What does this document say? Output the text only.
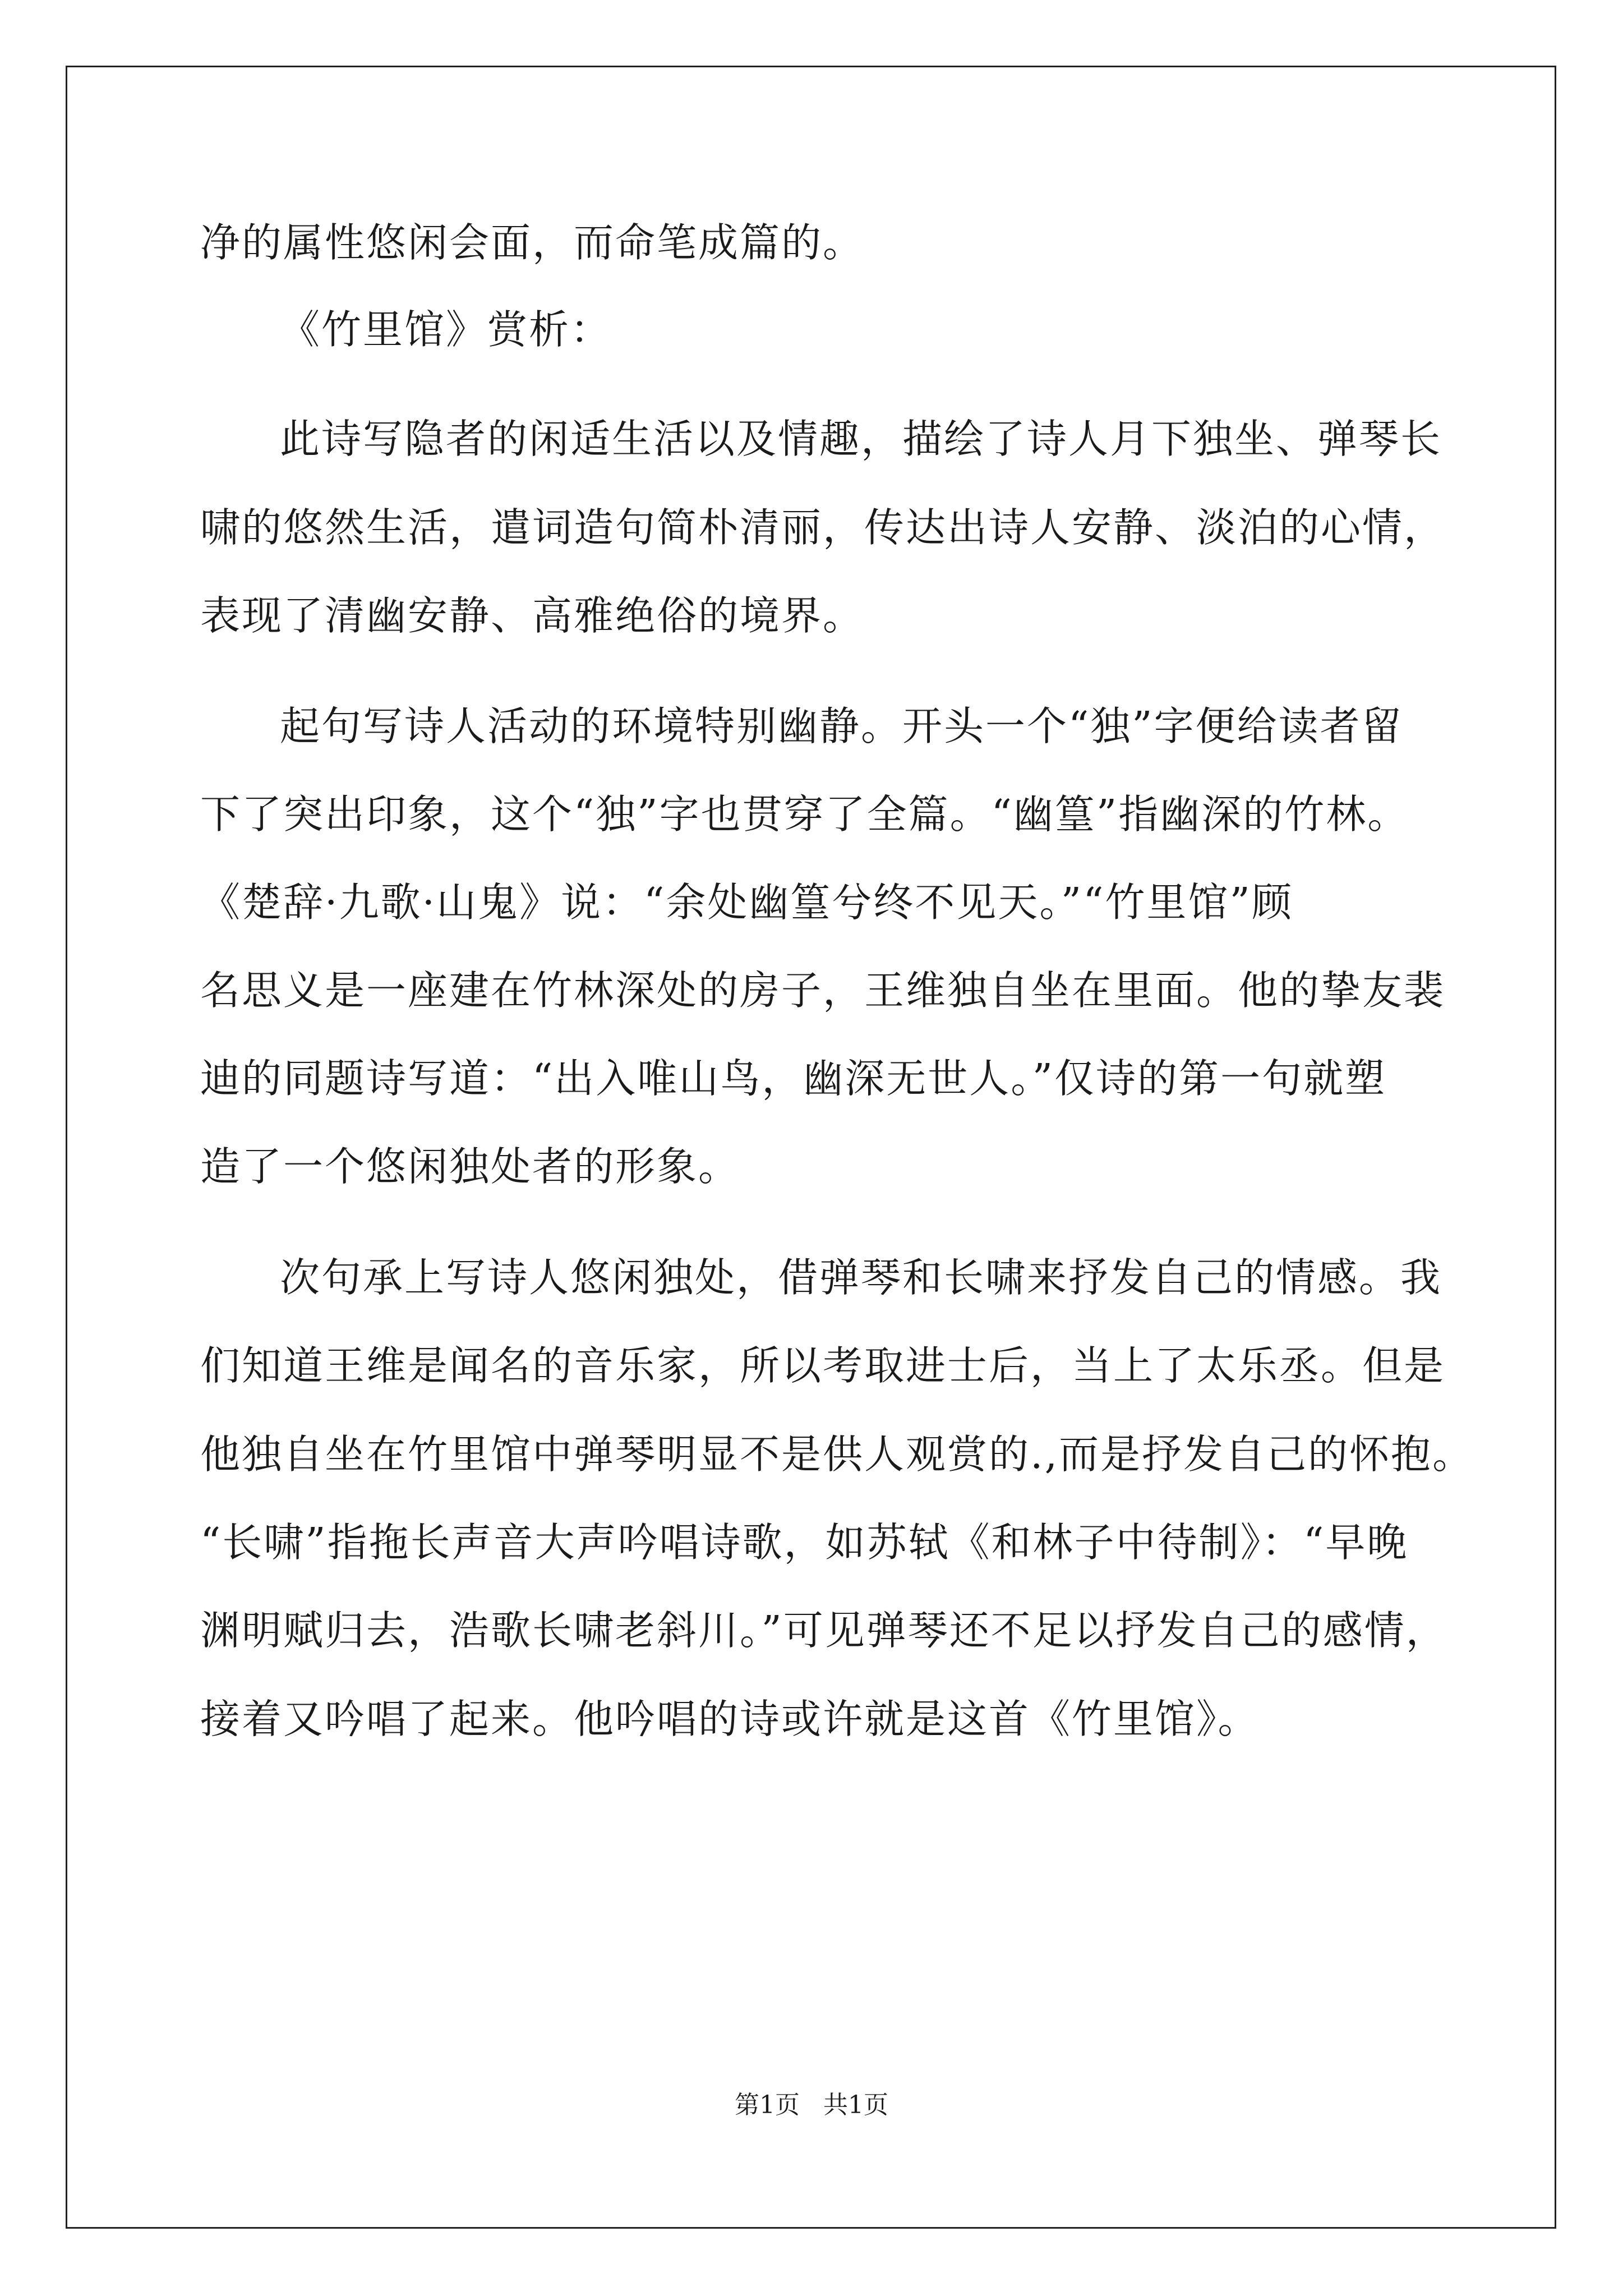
净的属性悠闲会面，而命笔成篇的。
《竹里馆》赏析：
此诗写隐者的闲适生活以及情趣，描绘了诗人月下独坐、弹琴长
啸的悠然生活，遣词造句简朴清丽，传达出诗人安静、淡泊的心情，
表现了清幽安静、高雅绝俗的境界。
起句写诗人活动的环境特别幽静。开头一个“独”字便给读者留
下了突出印象，这个“独”字也贯穿了全篇。“幽篁”指幽深的竹林。
《楚辞·九歌·山鬼》说：“余处幽篁兮终不见天。”“竹里馆”顾
名思义是一座建在竹林深处的房子，王维独自坐在里面。他的挚友裴
迪的同题诗写道：“出入唯山鸟，幽深无世人。”仅诗的第一句就塑
造了一个悠闲独处者的形象。
次句承上写诗人悠闲独处，借弹琴和长啸来抒发自己的情感。我
们知道王维是闻名的音乐家，所以考取进士后，当上了太乐丞。但是
他独自坐在竹里馆中弹琴明显不是供人观赏的.,而是抒发自己的怀抱。
“长啸”指拖长声音大声吟唱诗歌，如苏轼《和林子中待制》：“早晚
渊明赋归去，浩歌长啸老斜川。”可见弹琴还不足以抒发自己的感情，
接着又吟唱了起来。他吟唱的诗或许就是这首《竹里馆》。
第1页   共1页
